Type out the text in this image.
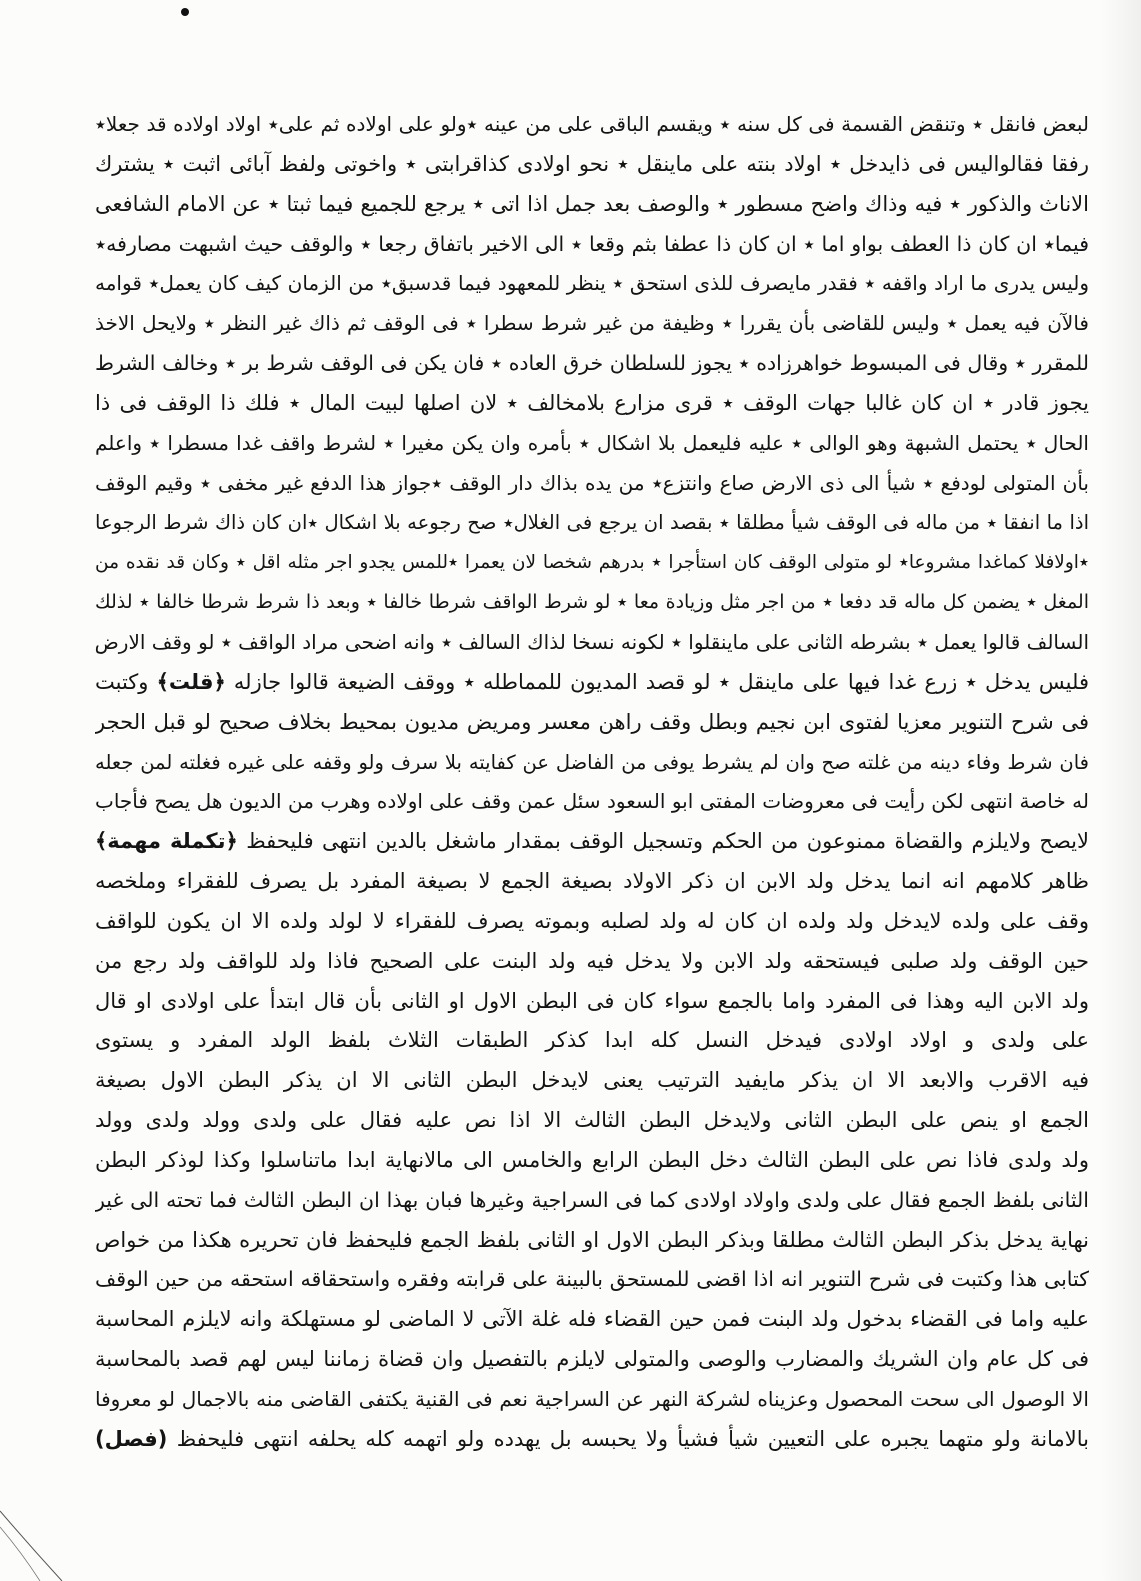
لبعض فانقل ٭ وتنقض القسمة فى كل سنه ٭ ويقسم الباقى على من عينه ٭ولو على اولاده ثم على٭ اولاد اولاده قد جعلا٭
رفقا فقالواليس فى ذايدخل ٭ اولاد بنته على ماينقل ٭ نحو اولادى كذاقرابتى ٭ واخوتى ولفظ آبائى اثبت ٭ يشترك
الاناث والذكور ٭ فيه وذاك واضح مسطور ٭ والوصف بعد جمل اذا اتى ٭ يرجع للجميع فيما ثبتا ٭ عن الامام الشافعى
فيما٭ ان كان ذا العطف بواو اما ٭ ان كان ذا عطفا بثم وقعا ٭ الى الاخير باتفاق رجعا ٭ والوقف حيث اشبهت مصارفه٭
وليس يدرى ما اراد واقفه ٭ فقدر مايصرف للذى استحق ٭ ينظر للمعهود فيما قدسبق٭ من الزمان كيف كان يعمل٭ قوامه
فالآن فيه يعمل ٭ وليس للقاضى بأن يقررا ٭ وظيفة من غير شرط سطرا ٭ فى الوقف ثم ذاك غير النظر ٭ ولايحل الاخذ
للمقرر ٭ وقال فى المبسوط خواهرزاده ٭ يجوز للسلطان خرق العاده ٭ فان يكن فى الوقف شرط بر ٭ وخالف الشرط
يجوز قادر ٭ ان كان غالبا جهات الوقف ٭ قرى مزارع بلامخالف ٭ لان اصلها لبيت المال ٭ فلك ذا الوقف فى ذا
الحال ٭ يحتمل الشبهة وهو الوالى ٭ عليه فليعمل بلا اشكال ٭ بأمره وان يكن مغيرا ٭ لشرط واقف غدا مسطرا ٭ واعلم
بأن المتولى لودفع ٭ شيأ الى ذى الارض صاع وانتزع٭ من يده بذاك دار الوقف ٭جواز هذا الدفع غير مخفى ٭ وقيم الوقف
اذا ما انفقا ٭ من ماله فى الوقف شيأ مطلقا ٭ بقصد ان يرجع فى الغلال٭ صح رجوعه بلا اشكال ٭ان كان ذاك شرط الرجوعا
٭اولافلا كماغدا مشروعا٭ لو متولى الوقف كان استأجرا ٭ بدرهم شخصا لان يعمرا ٭للمس يجدو اجر مثله اقل ٭ وكان قد نقده من
المغل ٭ يضمن كل ماله قد دفعا ٭ من اجر مثل وزيادة معا ٭ لو شرط الواقف شرطا خالفا ٭ وبعد ذا شرط شرطا خالفا ٭ لذلك
السالف قالوا يعمل ٭ بشرطه الثانى على ماينقلوا ٭ لكونه نسخا لذاك السالف ٭ وانه اضحى مراد الواقف ٭ لو وقف الارض
فليس يدخل ٭ زرع غدا فيها على ماينقل ٭ لو قصد المديون للمماطله ٭ ووقف الضيعة قالوا جازله ﴿قلت﴾ وكتبت
فى شرح التنوير معزيا لفتوى ابن نجيم وبطل وقف راهن معسر ومريض مديون بمحيط بخلاف صحيح لو قبل الحجر
فان شرط وفاء دينه من غلته صح وان لم يشرط يوفى من الفاضل عن كفايته بلا سرف ولو وقفه على غيره فغلته لمن جعله
له خاصة انتهى لكن رأيت فى معروضات المفتى ابو السعود سئل عمن وقف على اولاده وهرب من الديون هل يصح فأجاب
لايصح ولايلزم والقضاة ممنوعون من الحكم وتسجيل الوقف بمقدار ماشغل بالدين انتهى فليحفظ ﴿تكملة مهمة﴾
ظاهر كلامهم انه انما يدخل ولد الابن ان ذكر الاولاد بصيغة الجمع لا بصيغة المفرد بل يصرف للفقراء وملخصه
وقف على ولده لايدخل ولد ولده ان كان له ولد لصلبه وبموته يصرف للفقراء لا لولد ولده الا ان يكون للواقف
حين الوقف ولد صلبى فيستحقه ولد الابن ولا يدخل فيه ولد البنت على الصحيح فاذا ولد للواقف ولد رجع من
ولد الابن اليه وهذا فى المفرد واما بالجمع سواء كان فى البطن الاول او الثانى بأن قال ابتدأ على اولادى او قال
على ولدى و اولاد اولادى فيدخل النسل كله ابدا كذكر الطبقات الثلاث بلفظ الولد المفرد و يستوى
فيه الاقرب والابعد الا ان يذكر مايفيد الترتيب يعنى لايدخل البطن الثانى الا ان يذكر البطن الاول بصيغة
الجمع او ينص على البطن الثانى ولايدخل البطن الثالث الا اذا نص عليه فقال على ولدى وولد ولدى وولد
ولد ولدى فاذا نص على البطن الثالث دخل البطن الرابع والخامس الى مالانهاية ابدا ماتناسلوا وكذا لوذكر البطن
الثانى بلفظ الجمع فقال على ولدى واولاد اولادى كما فى السراجية وغيرها فبان بهذا ان البطن الثالث فما تحته الى غير
نهاية يدخل بذكر البطن الثالث مطلقا وبذكر البطن الاول او الثانى بلفظ الجمع فليحفظ فان تحريره هكذا من خواص
كتابى هذا وكتبت فى شرح التنوير انه اذا اقضى للمستحق بالبينة على قرابته وفقره واستحقاقه استحقه من حين الوقف
عليه واما فى القضاء بدخول ولد البنت فمن حين القضاء فله غلة الآتى لا الماضى لو مستهلكة وانه لايلزم المحاسبة
فى كل عام وان الشريك والمضارب والوصى والمتولى لايلزم بالتفصيل وان قضاة زماننا ليس لهم قصد بالمحاسبة
الا الوصول الى سحت المحصول وعزيناه لشركة النهر عن السراجية نعم فى القنية يكتفى القاضى منه بالاجمال لو معروفا
بالامانة ولو متهما يجبره على التعيين شيأ فشيأ ولا يحبسه بل يهدده ولو اتهمه كله يحلفه انتهى فليحفظ (فصل)
